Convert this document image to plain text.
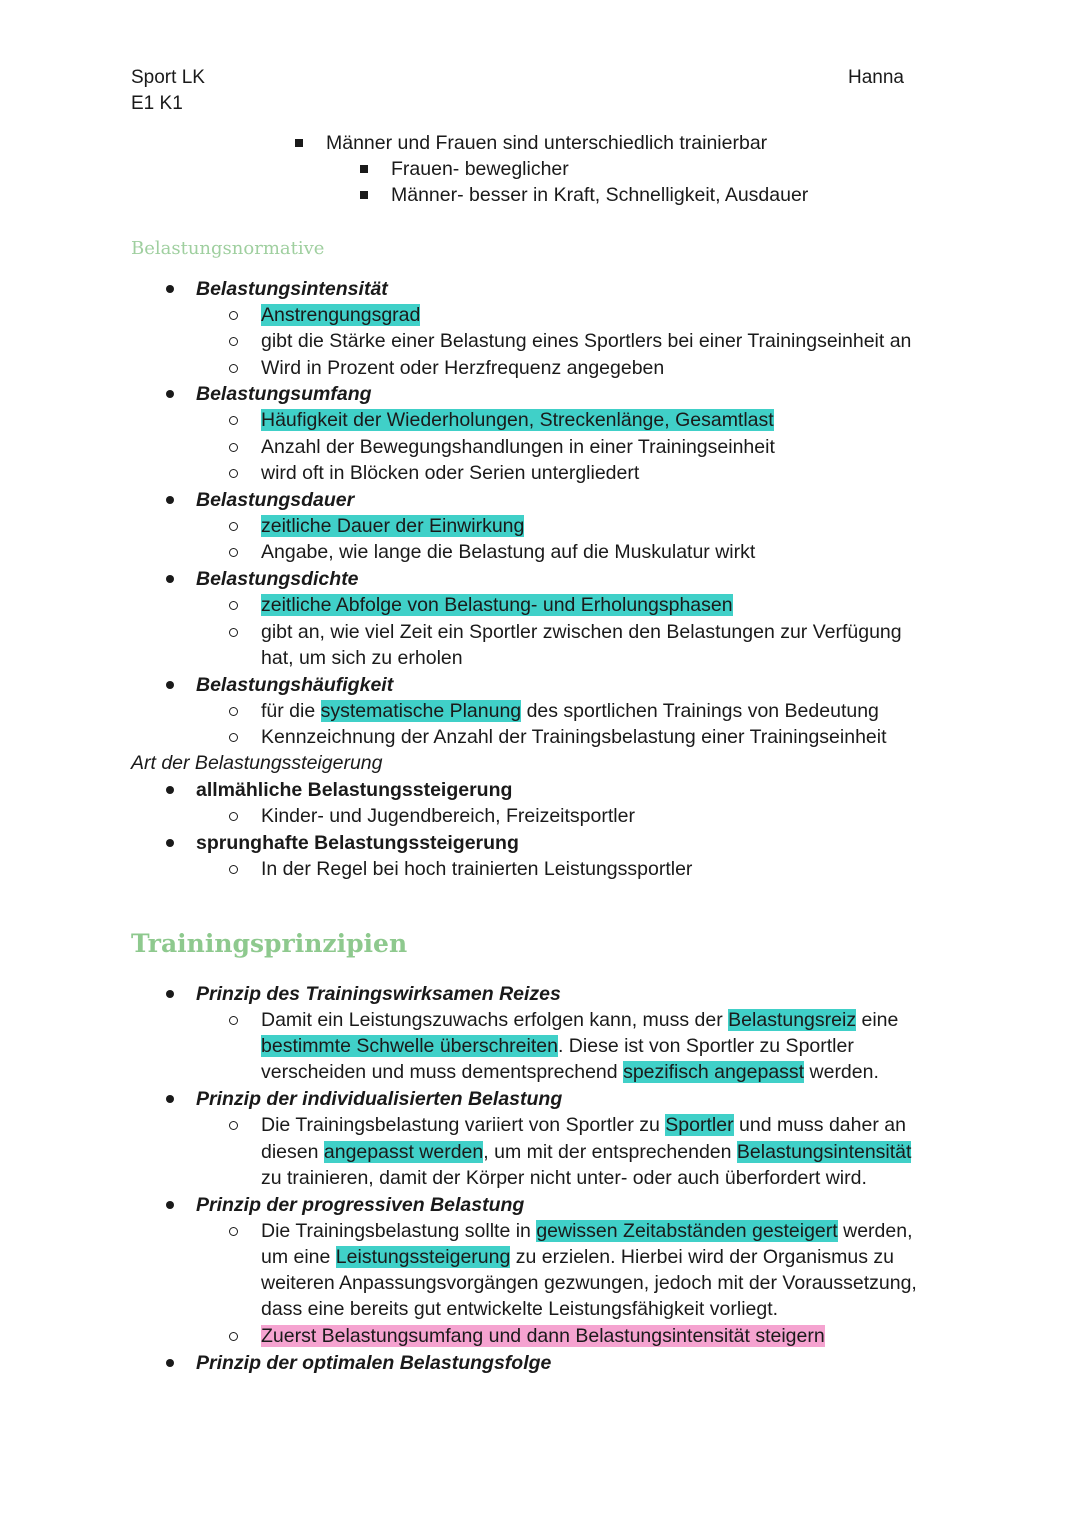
Sport LK
E1 K1
Hanna
Männer und Frauen sind unterschiedlich trainierbar
Frauen- beweglicher
Männer- besser in Kraft, Schnelligkeit, Ausdauer
Belastungsnormative
Belastungsintensität
Anstrengungsgrad
gibt die Stärke einer Belastung eines Sportlers bei einer Trainingseinheit an
Wird in Prozent oder Herzfrequenz angegeben
Belastungsumfang
Häufigkeit der Wiederholungen, Streckenlänge, Gesamtlast
Anzahl der Bewegungshandlungen in einer Trainingseinheit
wird oft in Blöcken oder Serien untergliedert
Belastungsdauer
zeitliche Dauer der Einwirkung
Angabe, wie lange die Belastung auf die Muskulatur wirkt
Belastungsdichte
zeitliche Abfolge von Belastung- und Erholungsphasen
gibt an, wie viel Zeit ein Sportler zwischen den Belastungen zur Verfügung
hat, um sich zu erholen
Belastungshäufigkeit
für die systematische Planung des sportlichen Trainings von Bedeutung
Kennzeichnung der Anzahl der Trainingsbelastung einer Trainingseinheit
Art der Belastungssteigerung
allmähliche Belastungssteigerung
Kinder- und Jugendbereich, Freizeitsportler
sprunghafte Belastungssteigerung
In der Regel bei hoch trainierten Leistungssportler
Trainingsprinzipien
Prinzip des Trainingswirksamen Reizes
Damit ein Leistungszuwachs erfolgen kann, muss der Belastungsreiz eine
bestimmte Schwelle überschreiten. Diese ist von Sportler zu Sportler
verscheiden und muss dementsprechend spezifisch angepasst werden.
Prinzip der individualisierten Belastung
Die Trainingsbelastung variiert von Sportler zu Sportler und muss daher an
diesen angepasst werden, um mit der entsprechenden Belastungsintensität
zu trainieren, damit der Körper nicht unter- oder auch überfordert wird.
Prinzip der progressiven Belastung
Die Trainingsbelastung sollte in gewissen Zeitabständen gesteigert werden,
um eine Leistungssteigerung zu erzielen. Hierbei wird der Organismus zu
weiteren Anpassungsvorgängen gezwungen, jedoch mit der Voraussetzung,
dass eine bereits gut entwickelte Leistungsfähigkeit vorliegt.
Zuerst Belastungsumfang und dann Belastungsintensität steigern
Prinzip der optimalen Belastungsfolge
